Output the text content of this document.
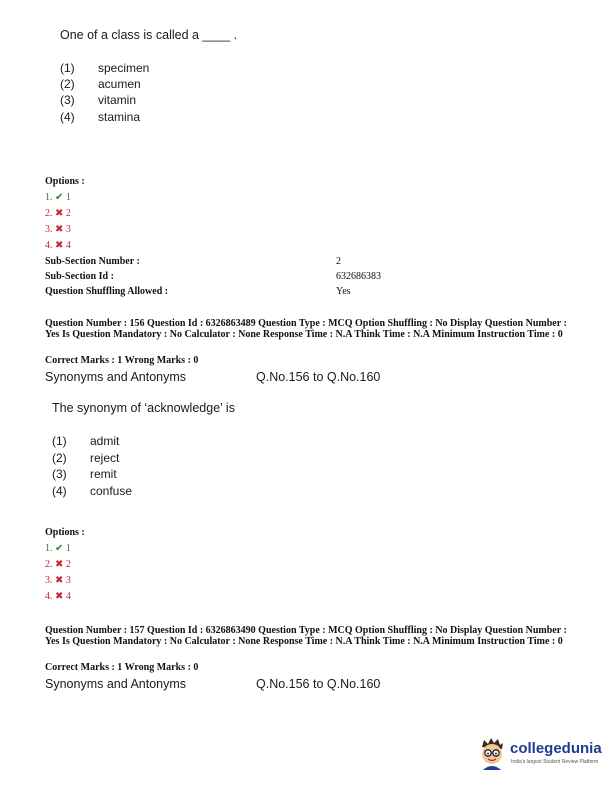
One of a class is called a ____ .
(1) specimen
(2) acumen
(3) vitamin
(4) stamina
Options :
1. ✔ 1
2. ✖ 2
3. ✖ 3
4. ✖ 4
Sub-Section Number :	2
Sub-Section Id :	632686383
Question Shuffling Allowed :	Yes
Question Number : 156 Question Id : 6326863489 Question Type : MCQ Option Shuffling : No Display Question Number : Yes Is Question Mandatory : No Calculator : None Response Time : N.A Think Time : N.A Minimum Instruction Time : 0
Correct Marks : 1 Wrong Marks : 0
Synonyms and Antonyms	Q.No.156 to Q.No.160
The synonym of ‘acknowledge’ is
(1) admit
(2) reject
(3) remit
(4) confuse
Options :
1. ✔ 1
2. ✖ 2
3. ✖ 3
4. ✖ 4
Question Number : 157 Question Id : 6326863490 Question Type : MCQ Option Shuffling : No Display Question Number : Yes Is Question Mandatory : No Calculator : None Response Time : N.A Think Time : N.A Minimum Instruction Time : 0
Correct Marks : 1 Wrong Marks : 0
Synonyms and Antonyms	Q.No.156 to Q.No.160
collegedunia
India's largest Student Review Platform
